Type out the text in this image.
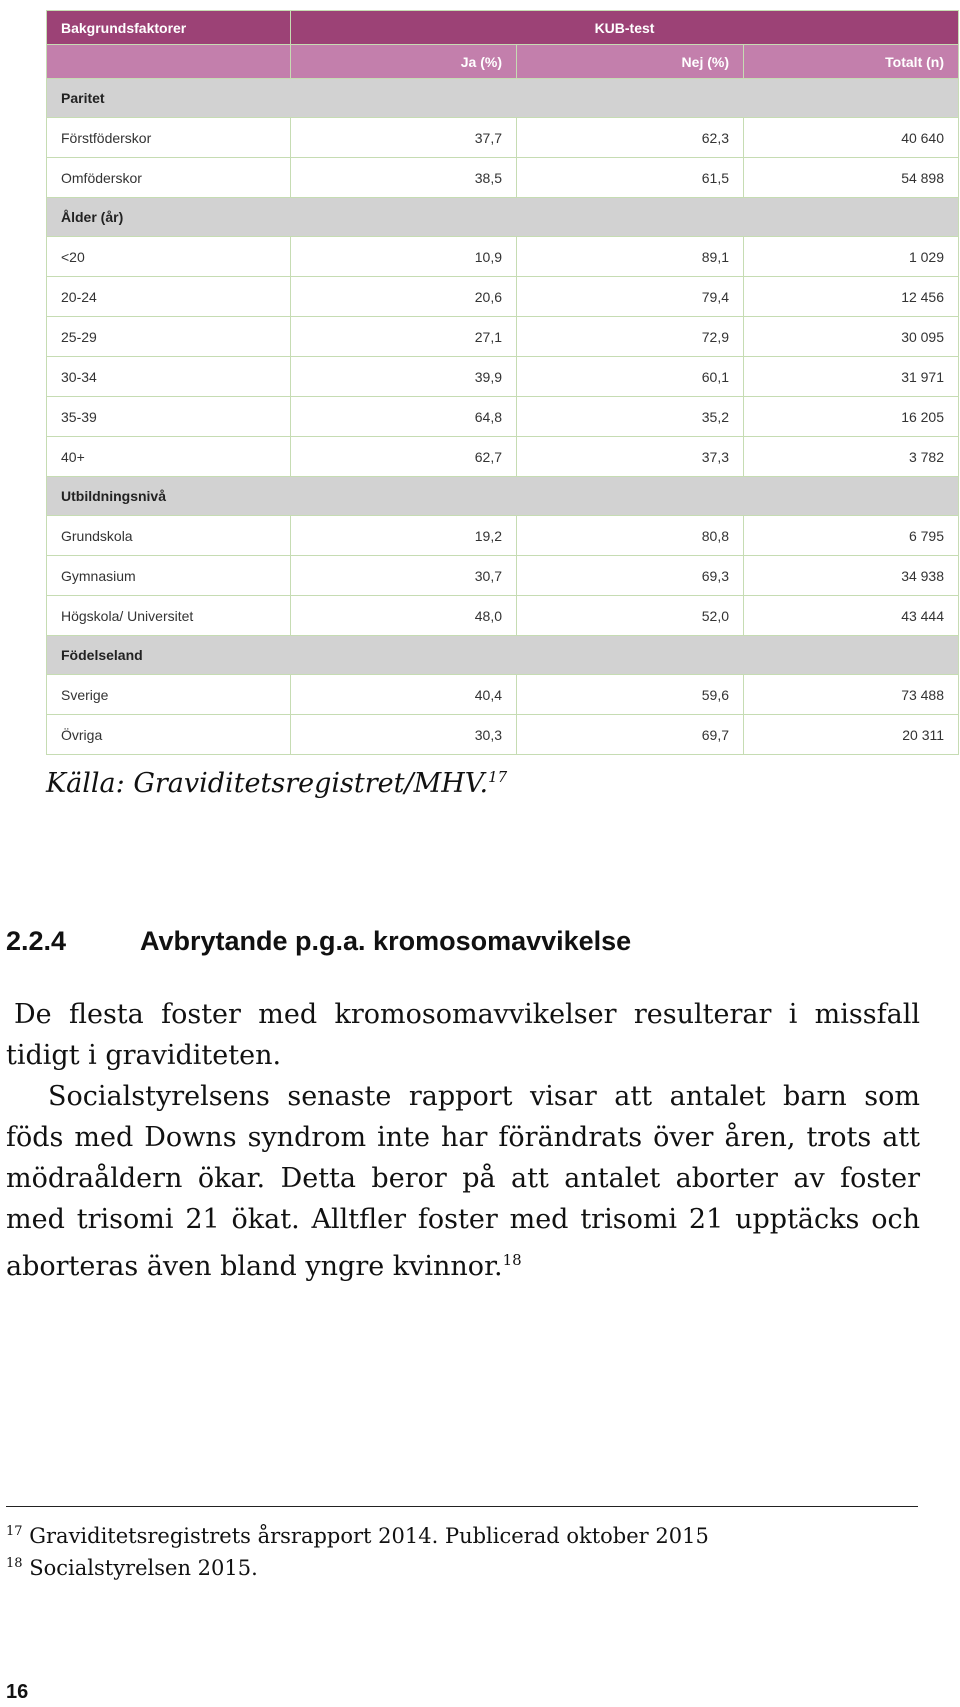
Bakgrundsfaktorer	KUB-test		
	Ja (%)	Nej (%)	Totalt (n)
Paritet			
Förstföderskor	37,7	62,3	40 640
Omföderskor	38,5	61,5	54 898
Ålder (år)			
<20	10,9	89,1	1 029
20-24	20,6	79,4	12 456
25-29	27,1	72,9	30 095
30-34	39,9	60,1	31 971
35-39	64,8	35,2	16 205
40+	62,7	37,3	3 782
Utbildningsnivå			
Grundskola	19,2	80,8	6 795
Gymnasium	30,7	69,3	34 938
Högskola/ Universitet	48,0	52,0	43 444
Födelseland			
Sverige	40,4	59,6	73 488
Övriga	30,3	69,7	20 311

Källa: Graviditetsregistret/MHV.$^{17}$

2.2.4	Avbrytande p.g.a. kromosomavvikelse

De flesta foster med kromosomavvikelser resulterar i missfall tidigt i graviditeten.

Socialstyrelsens senaste rapport visar att antalet barn som föds med Downs syndrom inte har förändrats över åren, trots att mödraåldern ökar. Detta beror på att antalet aborter av foster med trisomi 21 ökat. Alltfler foster med trisomi 21 upptäcks och aborteras även bland yngre kvinnor.$^{18}$

$^{17}$ Graviditetsregistrets årsrapport 2014. Publicerad oktober 2015

$^{18}$ Socialstyrelsen 2015.

16
